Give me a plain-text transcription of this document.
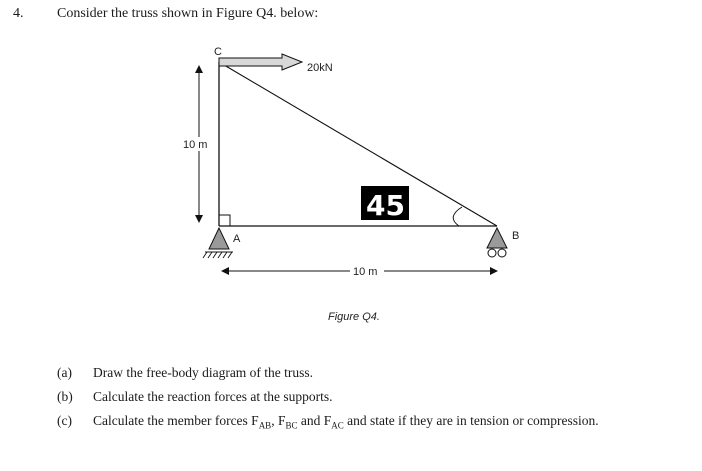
4. Consider the truss shown in Figure Q4. below:
C
A	B
20kN
10 m
10 m
45
Figure Q4.
(a) Draw the free-body diagram of the truss.
(b) Calculate the reaction forces at the supports.
(c) Calculate the member forces $F_{AB}$, $F_{BC}$ and $F_{AC}$ and state if they are in tension or compression.
